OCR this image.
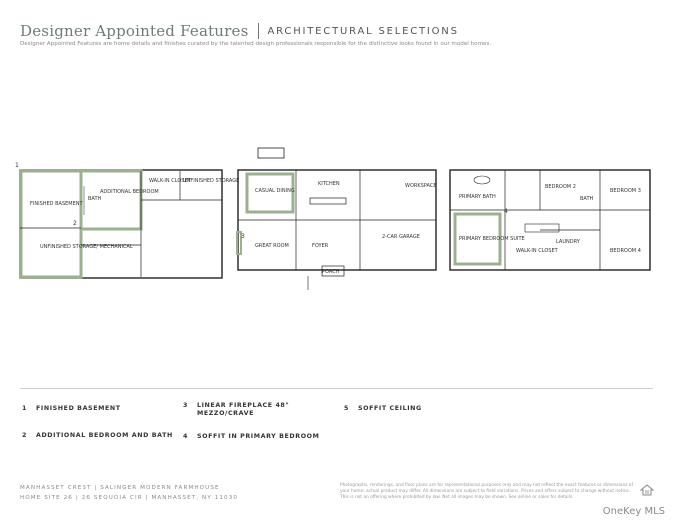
Designer Appointed Features ARCHITECTURAL SELECTIONS
Designer Appointed Features are home details and finishes curated by the talented design professionals responsible for the distinctive looks found in our model homes.
1
FINISHED BASEMENT
ADDITIONAL BEDROOM
UNFINISHED STORAGE/ MECHANICAL
WALK-IN CLOSET
UNFINISHED STORAGE
BATH
2
CASUAL DINING
KITCHEN
GREAT ROOM	FOYER
PORCH
2-CAR GARAGE
WORKSPACE
3
PRIMARY BATH
PRIMARY BEDROOM SUITE
BEDROOM 2
BEDROOM 3
BEDROOM 4
WALK-IN CLOSET
LAUNDRY
BATH
4
1 FINISHED BASEMENT
2 ADDITIONAL BEDROOM AND BATH
3	LINEAR FIREPLACE 48" MEZZO/CRAVE
4 SOFFIT IN PRIMARY BEDROOM
5 SOFFIT CEILING
MANHASSET CREST | SALINGER MODERN FARMHOUSE
HOME SITE 26 | 26 SEQUOIA CIR | MANHASSET, NY 11030
Photographs, renderings, and floor plans are for representational purposes only and may not reflect the exact features or dimensions of your home; actual product may differ. All dimensions are subject to field variations. Prices and offers subject to change without notice. This is not an offering where prohibited by law. Not all images may be shown. See online or sales for details.
OneKey MLS
